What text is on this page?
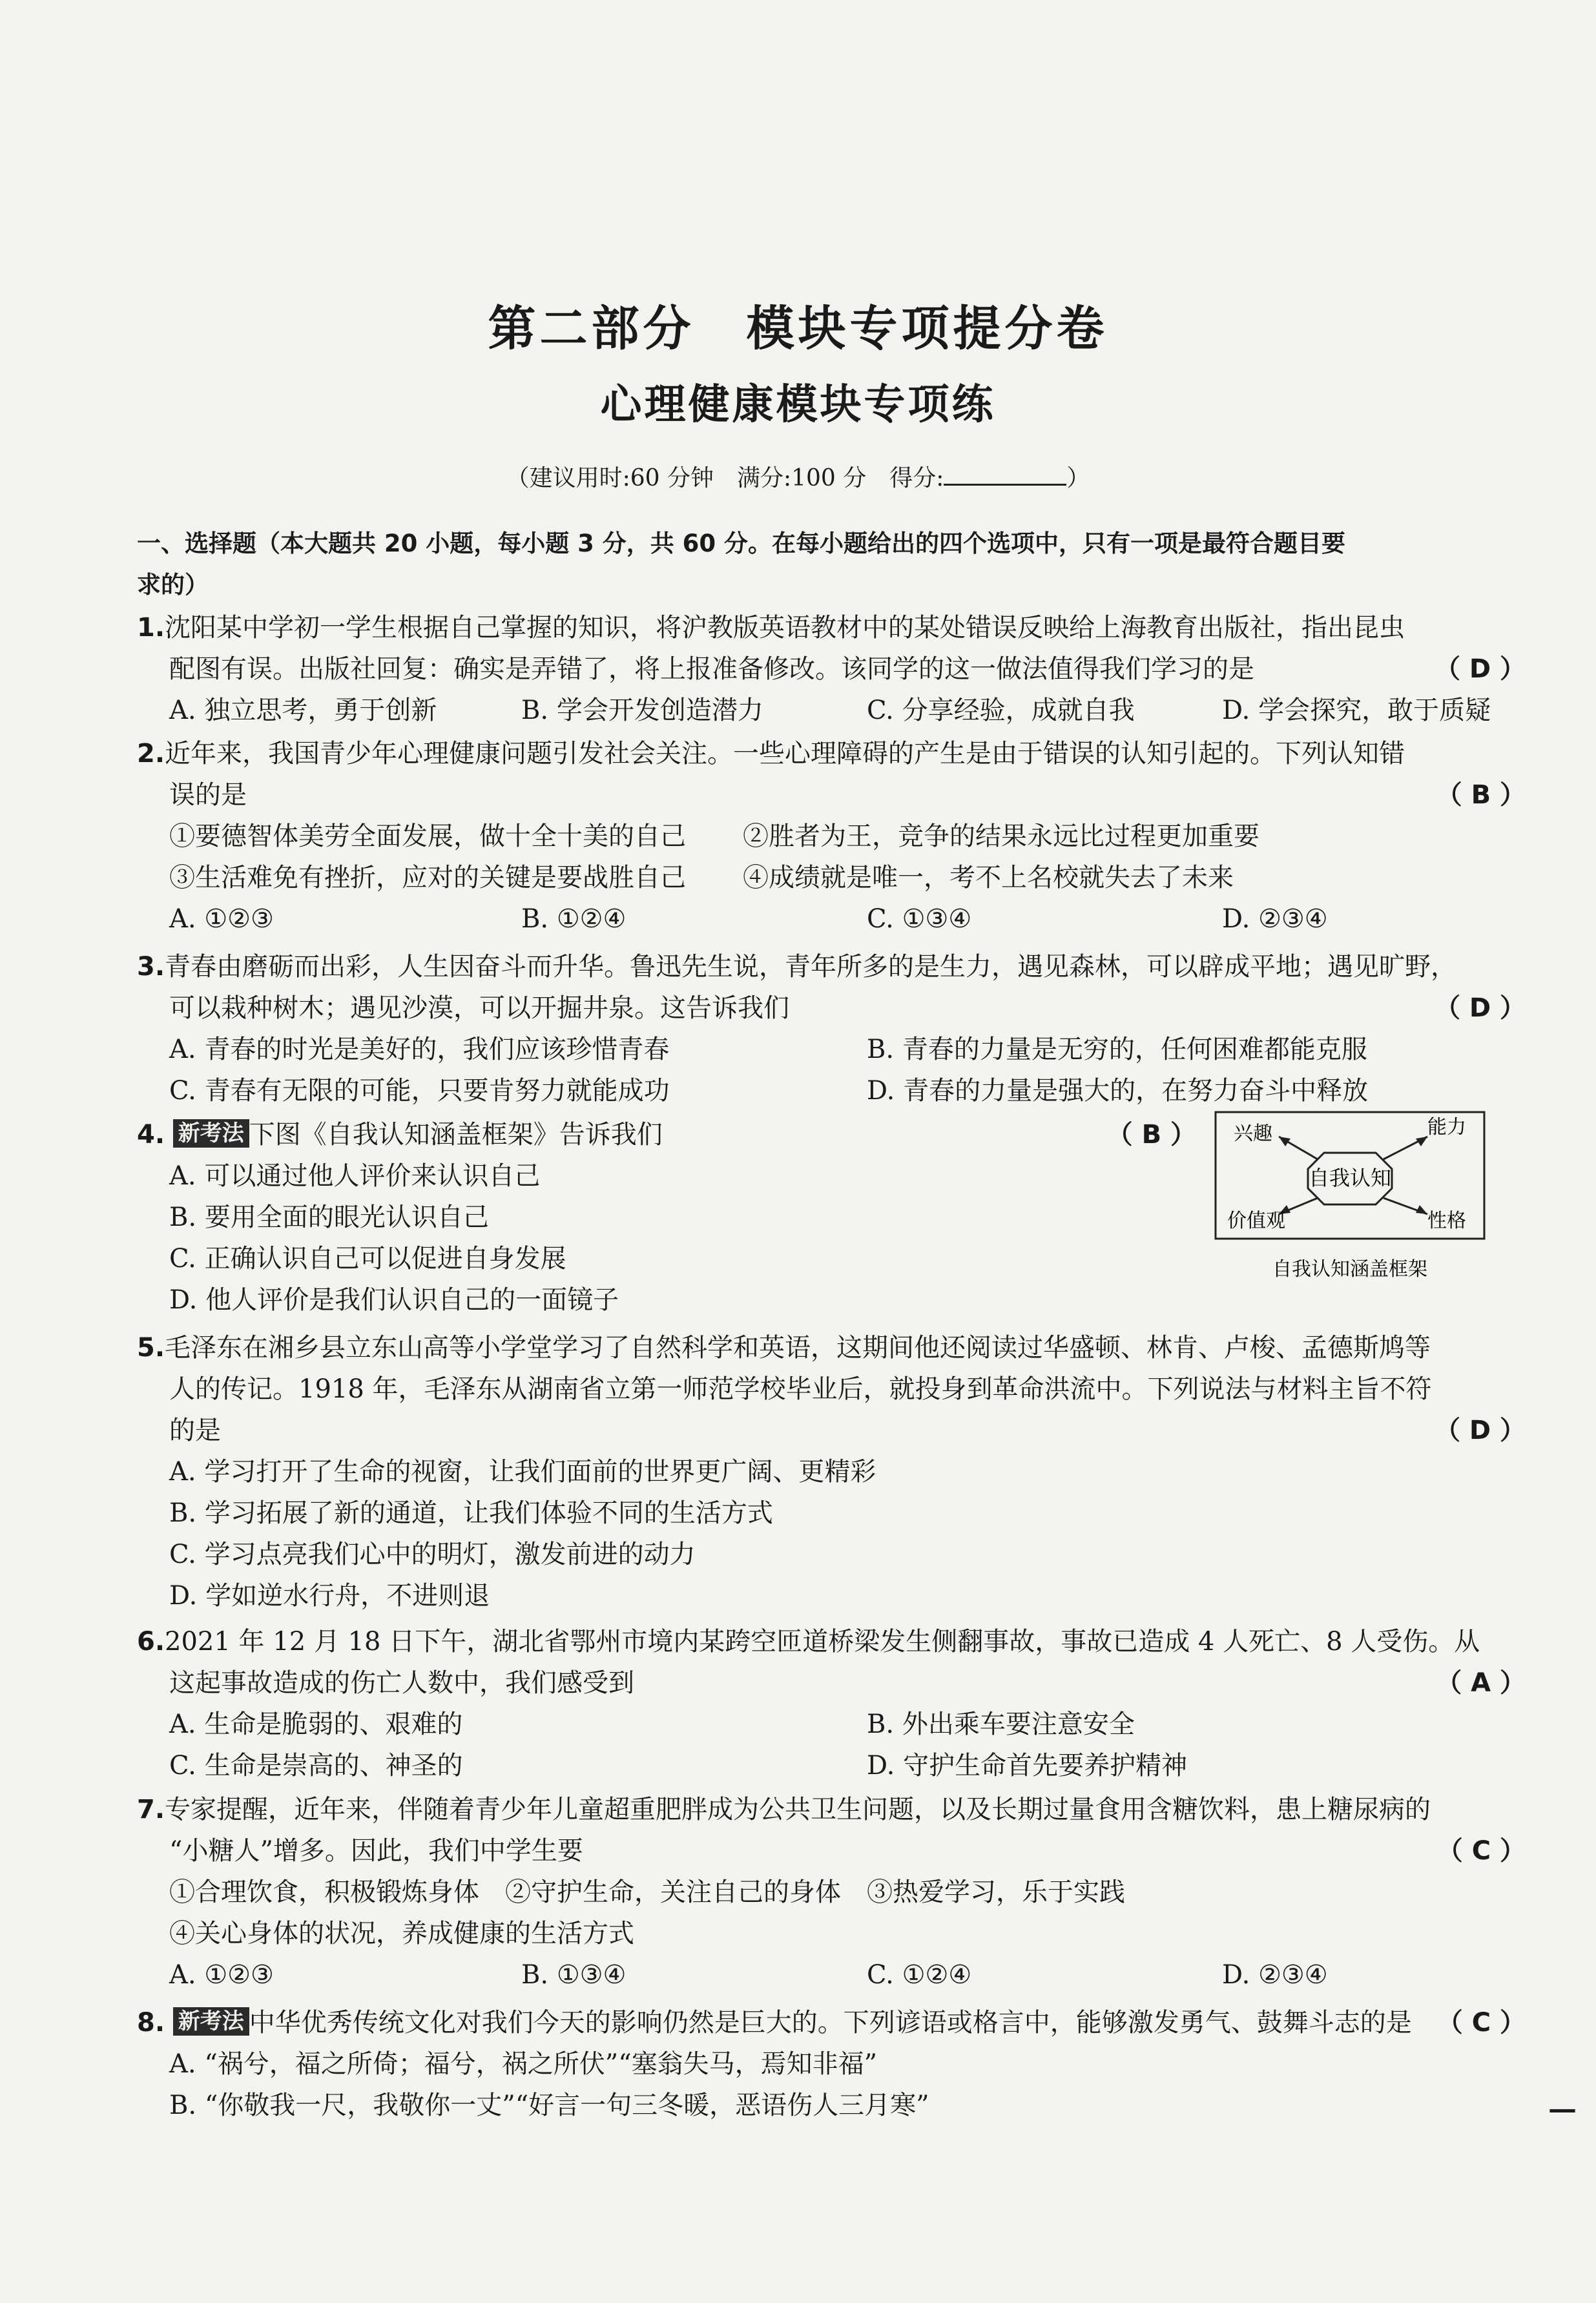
第二部分　模块专项提分卷
心理健康模块专项练
（建议用时:60 分钟　满分:100 分　得分:	）
一、选择题（本大题共 20 小题，每小题 3 分，共 60 分。在每小题给出的四个选项中，只有一项是最符合题目要
求的）
1.沈阳某中学初一学生根据自己掌握的知识，将沪教版英语教材中的某处错误反映给上海教育出版社，指出昆虫
配图有误。出版社回复：确实是弄错了，将上报准备修改。该同学的这一做法值得我们学习的是	（ D ）
A. 独立思考，勇于创新	B. 学会开发创造潜力	C. 分享经验，成就自我	D. 学会探究，敢于质疑
2.近年来，我国青少年心理健康问题引发社会关注。一些心理障碍的产生是由于错误的认知引起的。下列认知错
误的是	（ B ）
①要德智体美劳全面发展，做十全十美的自己 ②胜者为王，竞争的结果永远比过程更加重要
③生活难免有挫折，应对的关键是要战胜自己 ④成绩就是唯一，考不上名校就失去了未来
A. ①②③	B. ①②④	C. ①③④	D. ②③④
3.青春由磨砺而出彩，人生因奋斗而升华。鲁迅先生说，青年所多的是生力，遇见森林，可以辟成平地；遇见旷野，
可以栽种树木；遇见沙漠，可以开掘井泉。这告诉我们	（ D ）
A. 青春的时光是美好的，我们应该珍惜青春	B. 青春的力量是无穷的，任何困难都能克服
C. 青春有无限的可能，只要肯努力就能成功	D. 青春的力量是强大的，在努力奋斗中释放
4. 新考法 下图《自我认知涵盖框架》告诉我们	（ B ）
A. 可以通过他人评价来认识自己
B. 要用全面的眼光认识自己
C. 正确认识自己可以促进自身发展
D. 他人评价是我们认识自己的一面镜子
自我认知
兴趣	能力
价值观	性格
自我认知涵盖框架
5.毛泽东在湘乡县立东山高等小学堂学习了自然科学和英语，这期间他还阅读过华盛顿、林肯、卢梭、孟德斯鸠等
人的传记。1918 年，毛泽东从湖南省立第一师范学校毕业后，就投身到革命洪流中。下列说法与材料主旨不符
的是	（ D ）
A. 学习打开了生命的视窗，让我们面前的世界更广阔、更精彩
B. 学习拓展了新的通道，让我们体验不同的生活方式
C. 学习点亮我们心中的明灯，激发前进的动力
D. 学如逆水行舟，不进则退
6.2021 年 12 月 18 日下午，湖北省鄂州市境内某跨空匝道桥梁发生侧翻事故，事故已造成 4 人死亡、8 人受伤。从
这起事故造成的伤亡人数中，我们感受到	（ A ）
A. 生命是脆弱的、艰难的	B. 外出乘车要注意安全
C. 生命是崇高的、神圣的	D. 守护生命首先要养护精神
7.专家提醒，近年来，伴随着青少年儿童超重肥胖成为公共卫生问题，以及长期过量食用含糖饮料，患上糖尿病的
“小糖人”增多。因此，我们中学生要	（ C ）
①合理饮食，积极锻炼身体　②守护生命，关注自己的身体　③热爱学习，乐于实践
④关心身体的状况，养成健康的生活方式
A. ①②③	B. ①③④	C. ①②④	D. ②③④
8. 新考法 中华优秀传统文化对我们今天的影响仍然是巨大的。下列谚语或格言中，能够激发勇气、鼓舞斗志的是 （ C ）
A. “祸兮，福之所倚；福兮，祸之所伏”“塞翁失马，焉知非福”
B. “你敬我一尺，我敬你一丈”“好言一句三冬暖，恶语伤人三月寒”	—
